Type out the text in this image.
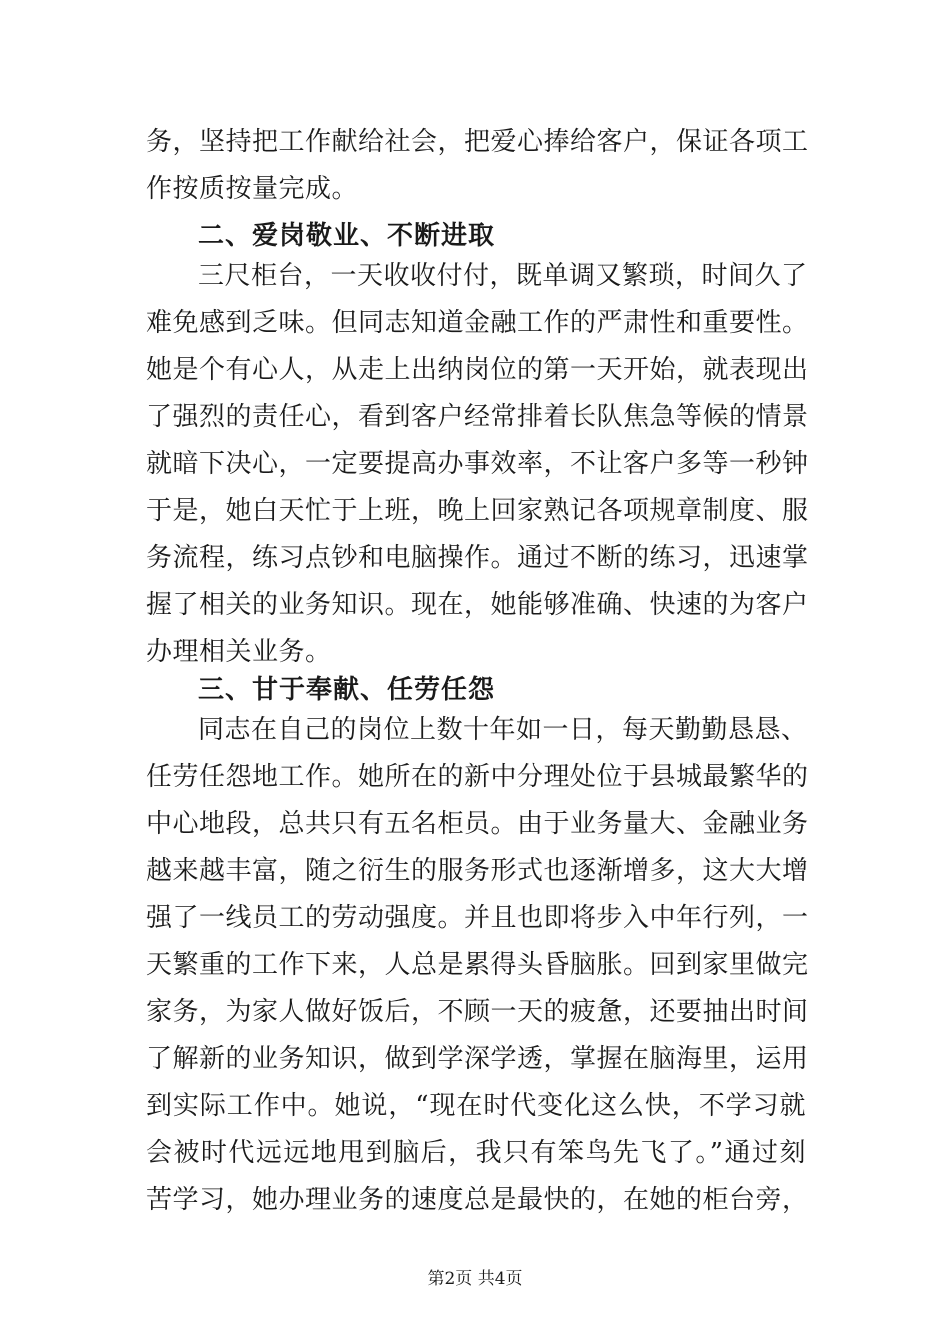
务，坚持把工作献给社会，把爱心捧给客户，保证各项工
作按质按量完成。
二、爱岗敬业、不断进取
三尺柜台，一天收收付付，既单调又繁琐，时间久了
难免感到乏味。但同志知道金融工作的严肃性和重要性。
她是个有心人，从走上出纳岗位的第一天开始，就表现出
了强烈的责任心，看到客户经常排着长队焦急等候的情景
就暗下决心，一定要提高办事效率，不让客户多等一秒钟
于是，她白天忙于上班，晚上回家熟记各项规章制度、服
务流程，练习点钞和电脑操作。通过不断的练习，迅速掌
握了相关的业务知识。现在，她能够准确、快速的为客户
办理相关业务。
三、甘于奉献、任劳任怨
同志在自己的岗位上数十年如一日，每天勤勤恳恳、
任劳任怨地工作。她所在的新中分理处位于县城最繁华的
中心地段，总共只有五名柜员。由于业务量大、金融业务
越来越丰富，随之衍生的服务形式也逐渐增多，这大大增
强了一线员工的劳动强度。并且也即将步入中年行列，一
天繁重的工作下来，人总是累得头昏脑胀。回到家里做完
家务，为家人做好饭后，不顾一天的疲惫，还要抽出时间
了解新的业务知识，做到学深学透，掌握在脑海里，运用
到实际工作中。她说，“现在时代变化这么快，不学习就
会被时代远远地甩到脑后，我只有笨鸟先飞了。”通过刻
苦学习，她办理业务的速度总是最快的，在她的柜台旁，
第2页 共4页
